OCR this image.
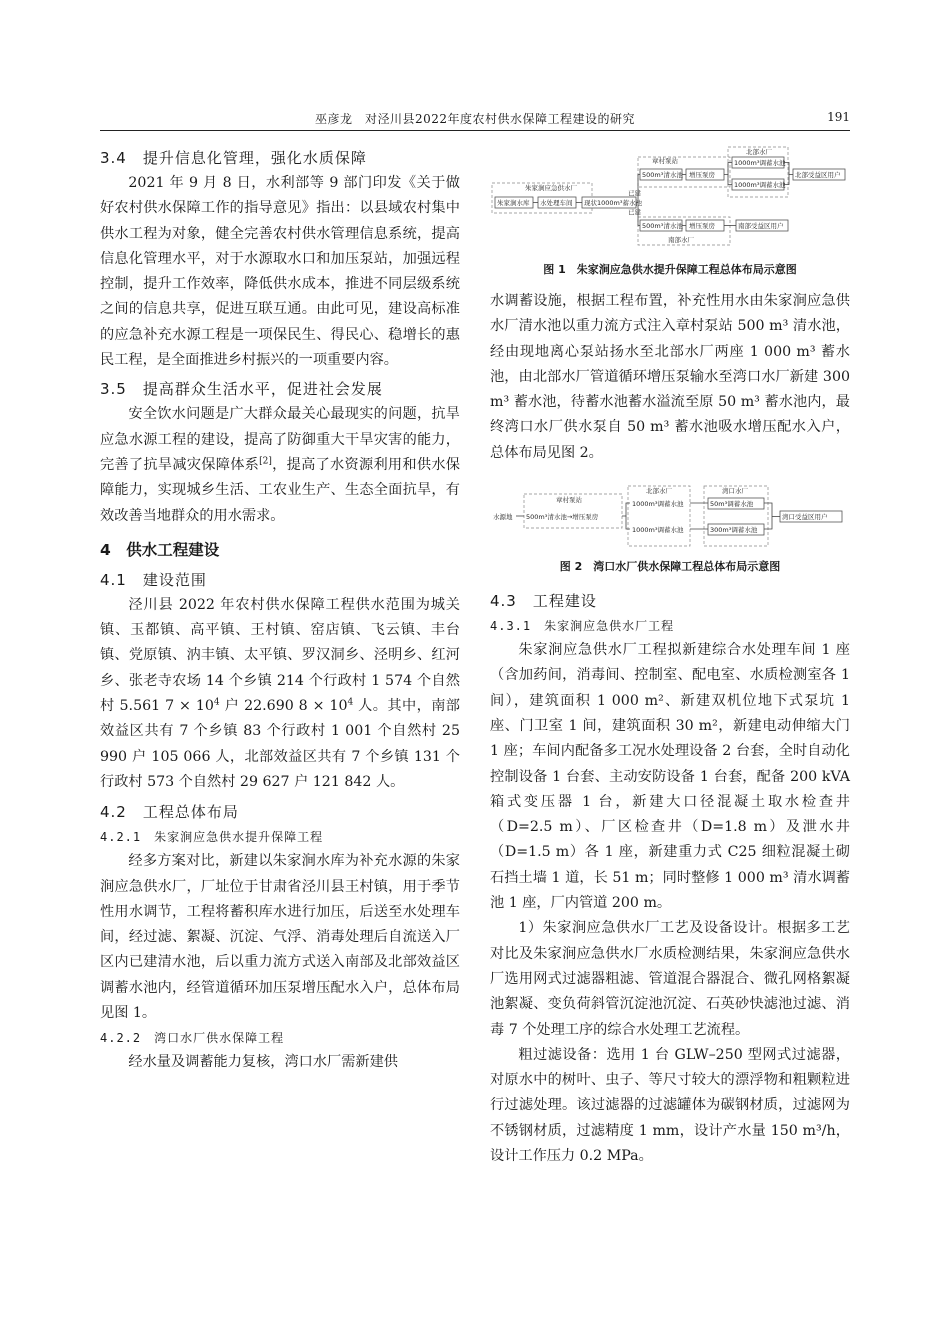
巫彦龙　对泾川县2022年度农村供水保障工程建设的研究	191
3.4　提升信息化管理，强化水质保障

2021 年 9 月 8 日，水利部等 9 部门印发《关于做好农村供水保障工作的指导意见》指出：以县域农村集中供水工程为对象，健全完善农村供水管理信息系统，提高信息化管理水平，对于水源取水口和加压泵站，加强远程控制，提升工作效率，降低供水成本，推进不同层级系统之间的信息共享，促进互联互通。由此可见，建设高标准的应急补充水源工程是一项保民生、得民心、稳增长的惠民工程，是全面推进乡村振兴的一项重要内容。

3.5　提高群众生活水平，促进社会发展

安全饮水问题是广大群众最关心最现实的问题，抗旱应急水源工程的建设，提高了防御重大干旱灾害的能力，完善了抗旱减灾保障体系[2]，提高了水资源利用和供水保障能力，实现城乡生活、工农业生产、生态全面抗旱，有效改善当地群众的用水需求。

4　供水工程建设
4.1　建设范围

泾川县 2022 年农村供水保障工程供水范围为城关镇、玉都镇、高平镇、王村镇、窑店镇、飞云镇、丰台镇、党原镇、汭丰镇、太平镇、罗汉洞乡、泾明乡、红河乡、张老寺农场 14 个乡镇 214 个行政村 1 574 个自然村 5.561 $7 \times 10^4$ 户 22.690 $8 \times 10^4$ 人。其中，南部效益区共有 7 个乡镇 83 个行政村 1 001 个自然村 25 990 户 105 066 人，北部效益区共有 7 个乡镇 131 个行政村 573 个自然村 29 627 户 121 842 人。

4.2　工程总体布局
4.2.1　朱家涧应急供水提升保障工程

经多方案对比，新建以朱家涧水库为补充水源的朱家涧应急供水厂，厂址位于甘肃省泾川县王村镇，用于季节性用水调节，工程将蓄积库水进行加压，后送至水处理车间，经过滤、絮凝、沉淀、气浮、消毒处理后自流送入厂区内已建清水池，后以重力流方式送入南部及北部效益区调蓄水池内，经管道循环加压泵增压配水入户，总体布局见图 1。

4.2.2　湾口水厂供水保障工程

经水量及调蓄能力复核，湾口水厂需新建供

朱家涧应急供水厂
章村泵站
北部水厂
南部水厂
朱家涧水库 水处理车间 现状1000m³蓄水池
500m³清水池 增压泵房
1000m³调蓄水池
1000m³调蓄水池
北部受益区用户
500m³清水池 增压泵房	南部受益区用户
已建
已建
图 1　朱家涧应急供水提升保障工程总体布局示意图

水调蓄设施，根据工程布置，补充性用水由朱家涧应急供水厂清水池以重力流方式注入章村泵站 500 m³ 清水池，经由现地离心泵站扬水至北部水厂两座 1 000 m³ 蓄水池，由北部水厂管道循环增压泵输水至湾口水厂新建 300 m³ 蓄水池，待蓄水池蓄水溢流至原 50 m³ 蓄水池内，最终湾口水厂供水泵自 50 m³ 蓄水池吸水增压配水入户，总体布局见图 2。

章村泵站
北部水厂	湾口水厂
水源地 500m³清水池→增压泵房
1000m³调蓄水池
1000m³调蓄水池
50m³调蓄水池
300m³调蓄水池
湾口受益区用户
图 2　湾口水厂供水保障工程总体布局示意图
4.3　工程建设
4.3.1　朱家涧应急供水厂工程

朱家涧应急供水厂工程拟新建综合水处理车间 1 座（含加药间，消毒间、控制室、配电室、水质检测室各 1 间），建筑面积 1 000 m²、新建双机位地下式泵坑 1 座、门卫室 1 间，建筑面积 30 m²，新建电动伸缩大门 1 座；车间内配备多工况水处理设备 2 台套，全时自动化控制设备 1 台套、主动安防设备 1 台套，配备 200 kVA 箱式变压器 1 台，新建大口径混凝土取水检查井（D=2.5 m）、厂区检查井（D=1.8 m）及泄水井（D=1.5 m）各 1 座，新建重力式 C25 细粒混凝土砌石挡土墙 1 道，长 51 m；同时整修 1 000 m³ 清水调蓄池 1 座，厂内管道 200 m。

1）朱家涧应急供水厂工艺及设备设计。根据多工艺对比及朱家涧应急供水厂水质检测结果，朱家涧应急供水厂选用网式过滤器粗滤、管道混合器混合、微孔网格絮凝池絮凝、变负荷斜管沉淀池沉淀、石英砂快滤池过滤、消毒 7 个处理工序的综合水处理工艺流程。

粗过滤设备：选用 1 台 GLW–250 型网式过滤器，对原水中的树叶、虫子、等尺寸较大的漂浮物和粗颗粒进行过滤处理。该过滤器的过滤罐体为碳钢材质，过滤网为不锈钢材质，过滤精度 1 mm，设计产水量 150 m³/h，设计工作压力 0.2 MPa。
